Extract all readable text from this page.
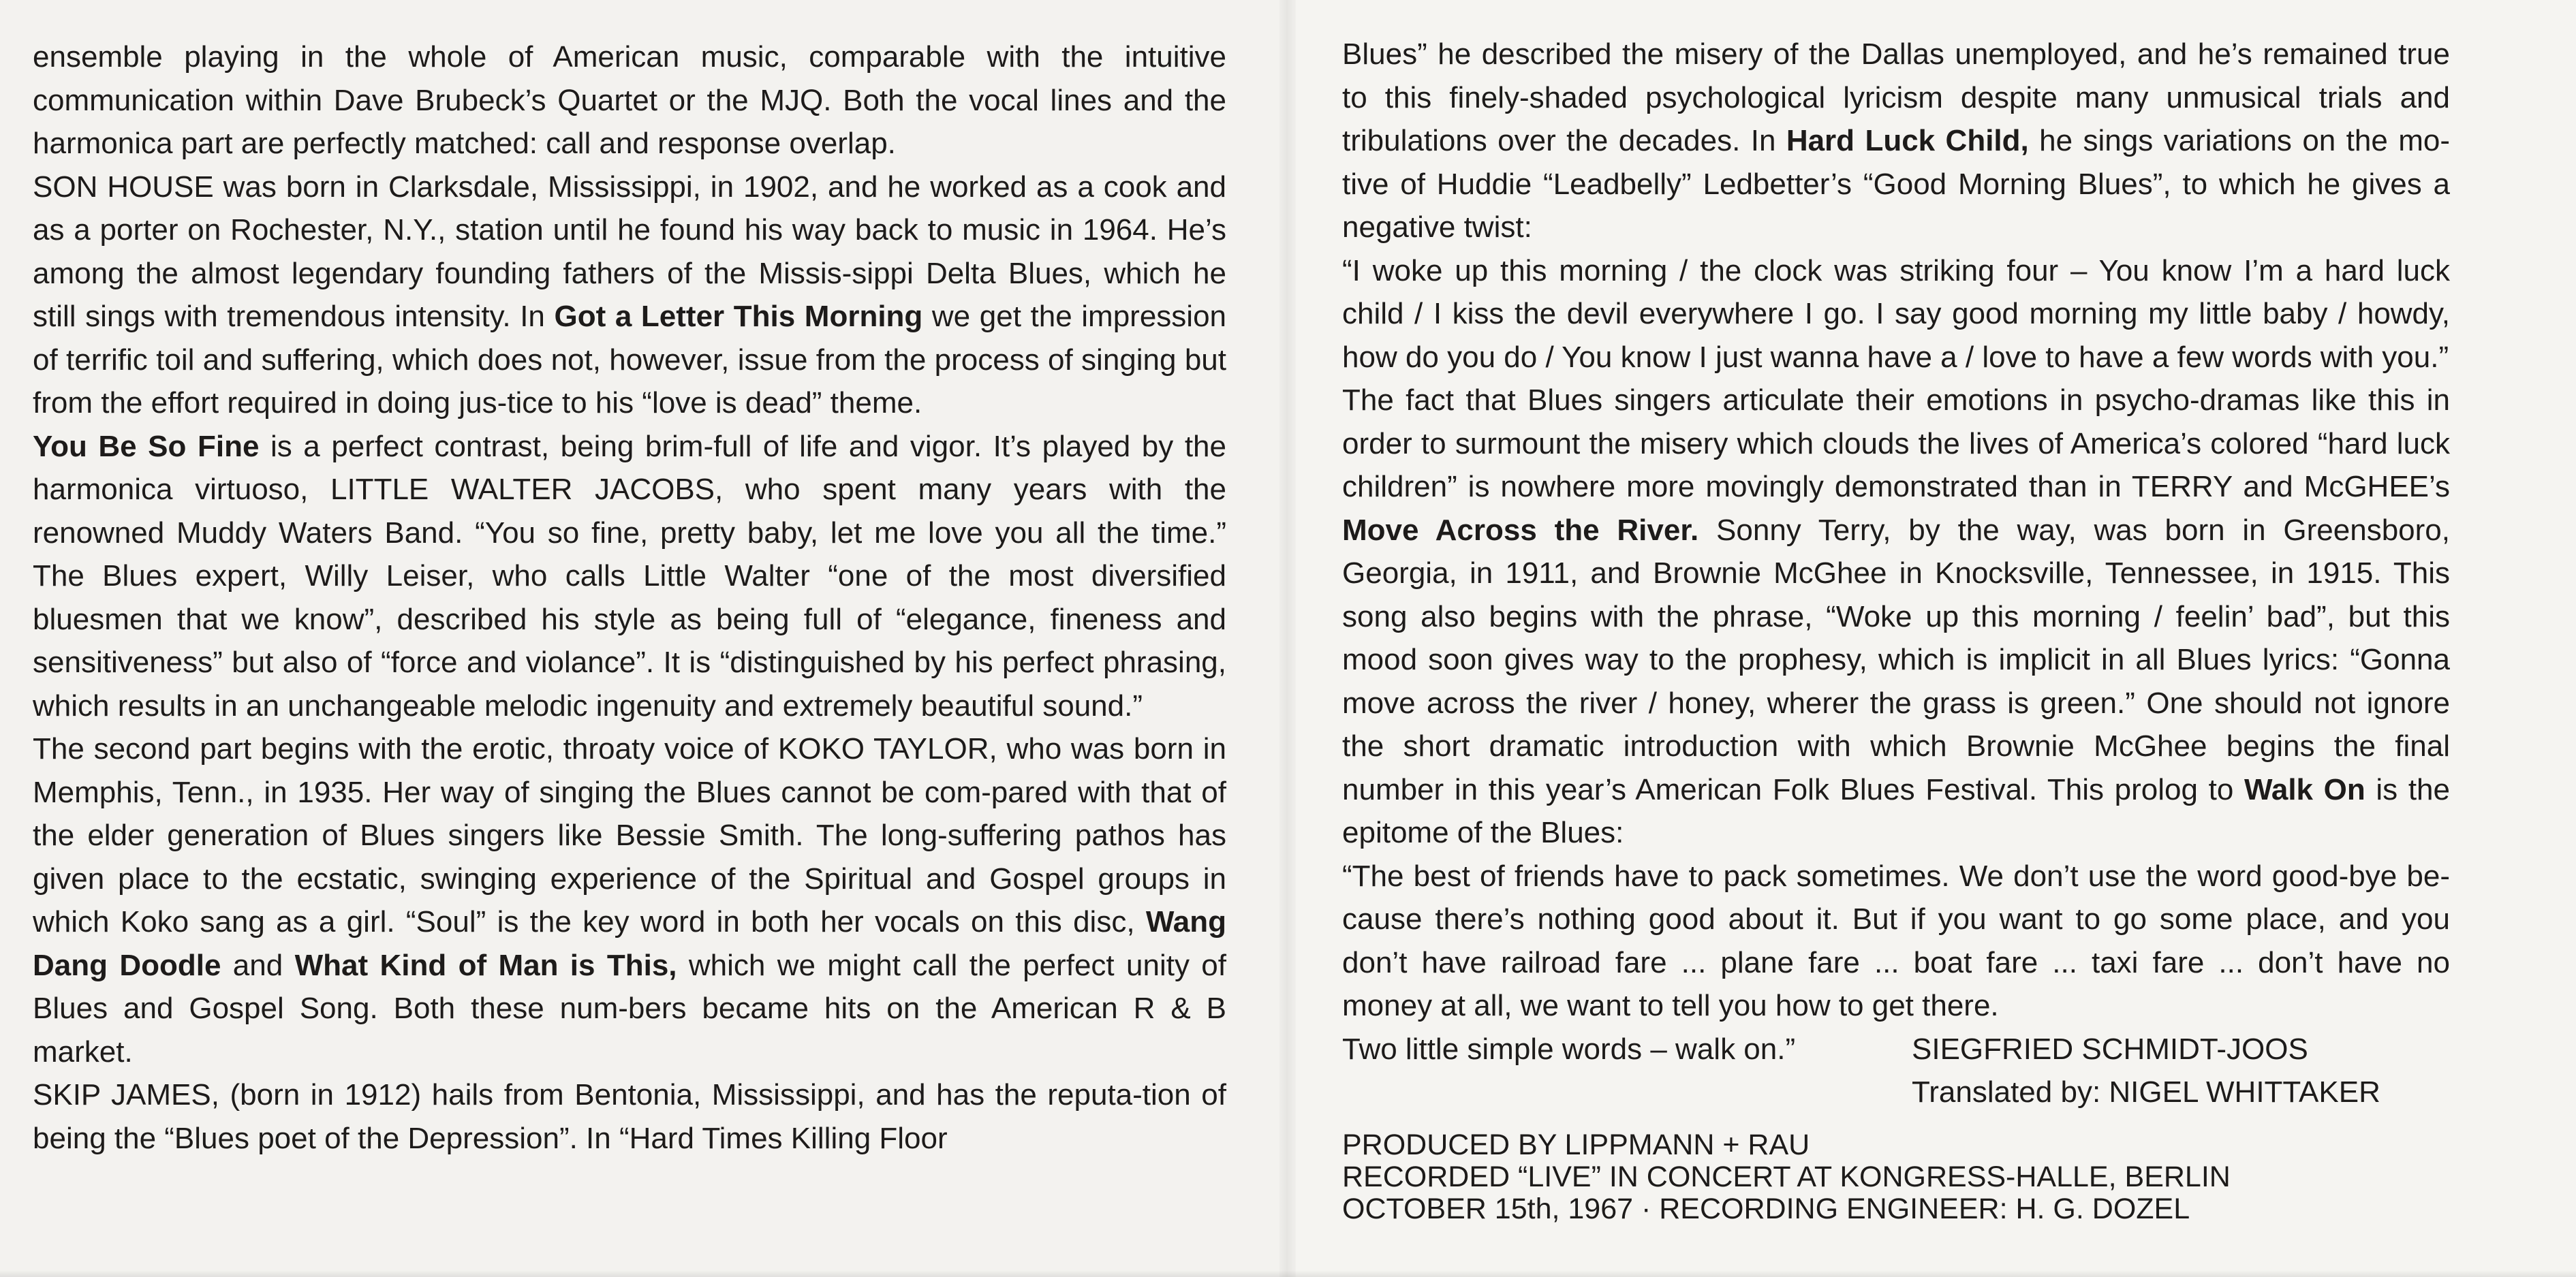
ensemble playing in the whole of American music, comparable with the intuitive communication within Dave Brubeck’s Quartet or the MJQ. Both the vocal lines and the harmonica part are perfectly matched: call and response overlap.

SON HOUSE was born in Clarksdale, Mississippi, in 1902, and he worked as a cook and as a porter on Rochester, N.Y., station until he found his way back to music in 1964. He’s among the almost legendary founding fathers of the Missis-sippi Delta Blues, which he still sings with tremendous intensity. In Got a Letter This Morning we get the impression of terrific toil and suffering, which does not, however, issue from the process of singing but from the effort required in doing jus-tice to his “love is dead” theme.

You Be So Fine is a perfect contrast, being brim-full of life and vigor. It’s played by the harmonica virtuoso, LITTLE WALTER JACOBS, who spent many years with the renowned Muddy Waters Band. “You so fine, pretty baby, let me love you all the time.” The Blues expert, Willy Leiser, who calls Little Walter “one of the most diversified bluesmen that we know”, described his style as being full of “elegance, fineness and sensitiveness” but also of “force and violance”. It is “distinguished by his perfect phrasing, which results in an unchangeable melodic ingenuity and extremely beautiful sound.”

The second part begins with the erotic, throaty voice of KOKO TAYLOR, who was born in Memphis, Tenn., in 1935. Her way of singing the Blues cannot be com-pared with that of the elder generation of Blues singers like Bessie Smith. The long-suffering pathos has given place to the ecstatic, swinging experience of the Spiritual and Gospel groups in which Koko sang as a girl. “Soul” is the key word in both her vocals on this disc, Wang Dang Doodle and What Kind of Man is This, which we might call the perfect unity of Blues and Gospel Song. Both these num-bers became hits on the American R & B market.

SKIP JAMES, (born in 1912) hails from Bentonia, Mississippi, and has the reputa-tion of being the “Blues poet of the Depression”. In “Hard Times Killing Floor

Blues” he described the misery of the Dallas unemployed, and he’s remained true to this finely-shaded psychological lyricism despite many unmusical trials and tribulations over the decades. In Hard Luck Child, he sings variations on the mo-tive of Huddie “Leadbelly” Ledbetter’s “Good Morning Blues”, to which he gives a negative twist:

“I woke up this morning / the clock was striking four – You know I’m a hard luck child / I kiss the devil everywhere I go. I say good morning my little baby / howdy, how do you do / You know I just wanna have a / love to have a few words with you.”

The fact that Blues singers articulate their emotions in psycho-dramas like this in order to surmount the misery which clouds the lives of America’s colored “hard luck children” is nowhere more movingly demonstrated than in TERRY and McGHEE’s Move Across the River. Sonny Terry, by the way, was born in Greensboro, Georgia, in 1911, and Brownie McGhee in Knocksville, Tennessee, in 1915. This song also begins with the phrase, “Woke up this morning / feelin’ bad”, but this mood soon gives way to the prophesy, which is implicit in all Blues lyrics: “Gonna move across the river / honey, wherer the grass is green.” One should not ignore the short dramatic introduction with which Brownie McGhee begins the final number in this year’s American Folk Blues Festival. This prolog to Walk On is the epitome of the Blues:

“The best of friends have to pack sometimes. We don’t use the word good-bye be-cause there’s nothing good about it. But if you want to go some place, and you don’t have railroad fare ... plane fare ... boat fare ... taxi fare ... don’t have no money at all, we want to tell you how to get there.

Two little simple words – walk on.”	SIEGFRIED SCHMIDT-JOOS
Translated by: NIGEL WHITTAKER
PRODUCED BY LIPPMANN + RAU
RECORDED “LIVE” IN CONCERT AT KONGRESS-HALLE, BERLIN
OCTOBER 15th, 1967 · RECORDING ENGINEER: H. G. DOZEL
